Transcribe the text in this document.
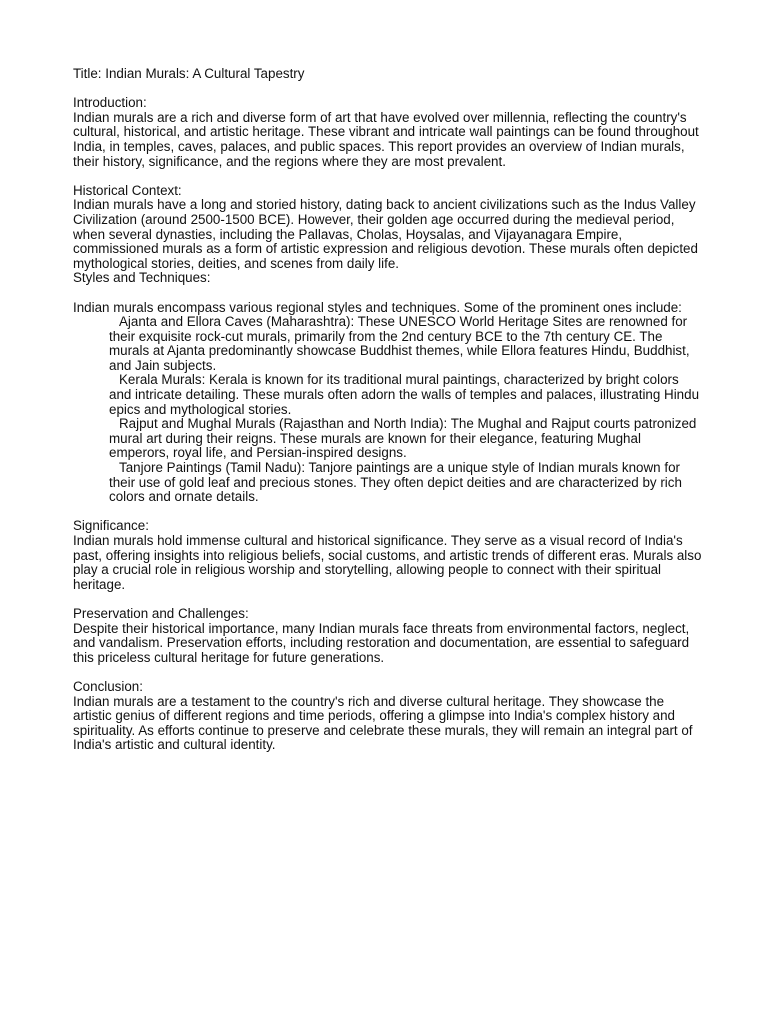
Title: Indian Murals: A Cultural Tapestry

Introduction:

Indian murals are a rich and diverse form of art that have evolved over millennia, reflecting the country's cultural, historical, and artistic heritage. These vibrant and intricate wall paintings can be found throughout India, in temples, caves, palaces, and public spaces. This report provides an overview of Indian murals, their history, significance, and the regions where they are most prevalent.

Historical Context:

Indian murals have a long and storied history, dating back to ancient civilizations such as the Indus Valley Civilization (around 2500-1500 BCE). However, their golden age occurred during the medieval period, when several dynasties, including the Pallavas, Cholas, Hoysalas, and Vijayanagara Empire, commissioned murals as a form of artistic expression and religious devotion. These murals often depicted mythological stories, deities, and scenes from daily life.

Styles and Techniques:

Indian murals encompass various regional styles and techniques. Some of the prominent ones include:

Ajanta and Ellora Caves (Maharashtra): These UNESCO World Heritage Sites are renowned for their exquisite rock-cut murals, primarily from the 2nd century BCE to the 7th century CE. The murals at Ajanta predominantly showcase Buddhist themes, while Ellora features Hindu, Buddhist, and Jain subjects.

Kerala Murals: Kerala is known for its traditional mural paintings, characterized by bright colors and intricate detailing. These murals often adorn the walls of temples and palaces, illustrating Hindu epics and mythological stories.

Rajput and Mughal Murals (Rajasthan and North India): The Mughal and Rajput courts patronized mural art during their reigns. These murals are known for their elegance, featuring Mughal emperors, royal life, and Persian-inspired designs.

Tanjore Paintings (Tamil Nadu): Tanjore paintings are a unique style of Indian murals known for their use of gold leaf and precious stones. They often depict deities and are characterized by rich colors and ornate details.

Significance:

Indian murals hold immense cultural and historical significance. They serve as a visual record of India's past, offering insights into religious beliefs, social customs, and artistic trends of different eras. Murals also play a crucial role in religious worship and storytelling, allowing people to connect with their spiritual heritage.

Preservation and Challenges:

Despite their historical importance, many Indian murals face threats from environmental factors, neglect, and vandalism. Preservation efforts, including restoration and documentation, are essential to safeguard this priceless cultural heritage for future generations.

Conclusion:

Indian murals are a testament to the country's rich and diverse cultural heritage. They showcase the artistic genius of different regions and time periods, offering a glimpse into India's complex history and spirituality. As efforts continue to preserve and celebrate these murals, they will remain an integral part of India's artistic and cultural identity.
